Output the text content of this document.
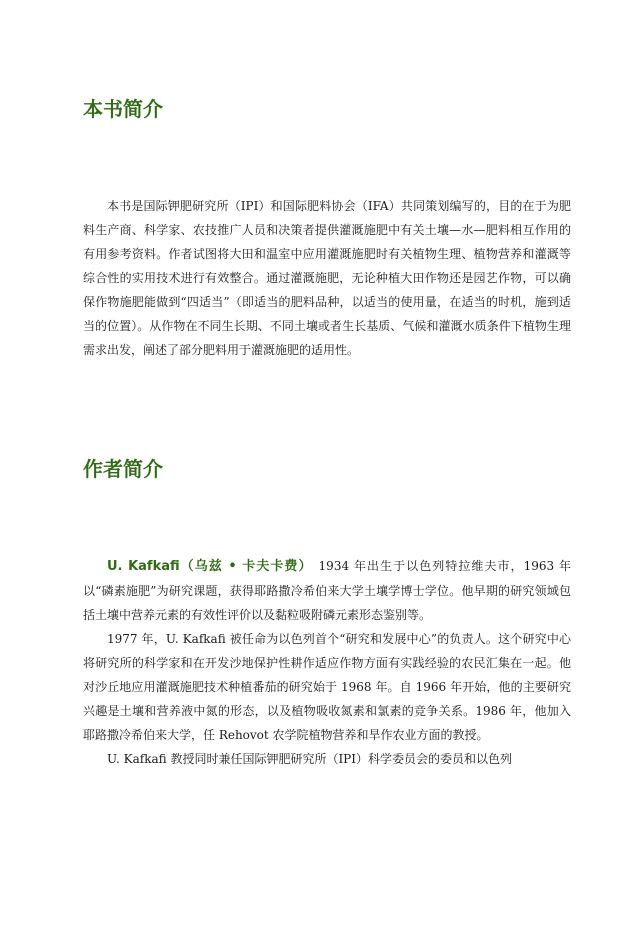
本书简介

本书是国际钾肥研究所（IPI）和国际肥料协会（IFA）共同策划编写的，目的在于为肥料生产商、科学家、农技推广人员和决策者提供灌溉施肥中有关土壤—水—肥料相互作用的有用参考资料。作者试图将大田和温室中应用灌溉施肥时有关植物生理、植物营养和灌溉等综合性的实用技术进行有效整合。通过灌溉施肥，无论种植大田作物还是园艺作物，可以确保作物施肥能做到“四适当”（即适当的肥料品种，以适当的使用量，在适当的时机，施到适当的位置）。从作物在不同生长期、不同土壤或者生长基质、气候和灌溉水质条件下植物生理需求出发，阐述了部分肥料用于灌溉施肥的适用性。

作者简介

U. Kafkafi（乌兹 • 卡夫卡费） 1934 年出生于以色列特拉维夫市，1963 年以“磷素施肥”为研究课题，获得耶路撒冷希伯来大学土壤学博士学位。他早期的研究领域包括土壤中营养元素的有效性评价以及黏粒吸附磷元素形态鉴别等。

1977 年，U. Kafkafi 被任命为以色列首个“研究和发展中心”的负责人。这个研究中心将研究所的科学家和在开发沙地保护性耕作适应作物方面有实践经验的农民汇集在一起。他对沙丘地应用灌溉施肥技术种植番茄的研究始于 1968 年。自 1966 年开始，他的主要研究兴趣是土壤和营养液中氮的形态，以及植物吸收氮素和氯素的竞争关系。1986 年，他加入耶路撒冷希伯来大学，任 Rehovot 农学院植物营养和旱作农业方面的教授。

U. Kafkafi 教授同时兼任国际钾肥研究所（IPI）科学委员会的委员和以色列
